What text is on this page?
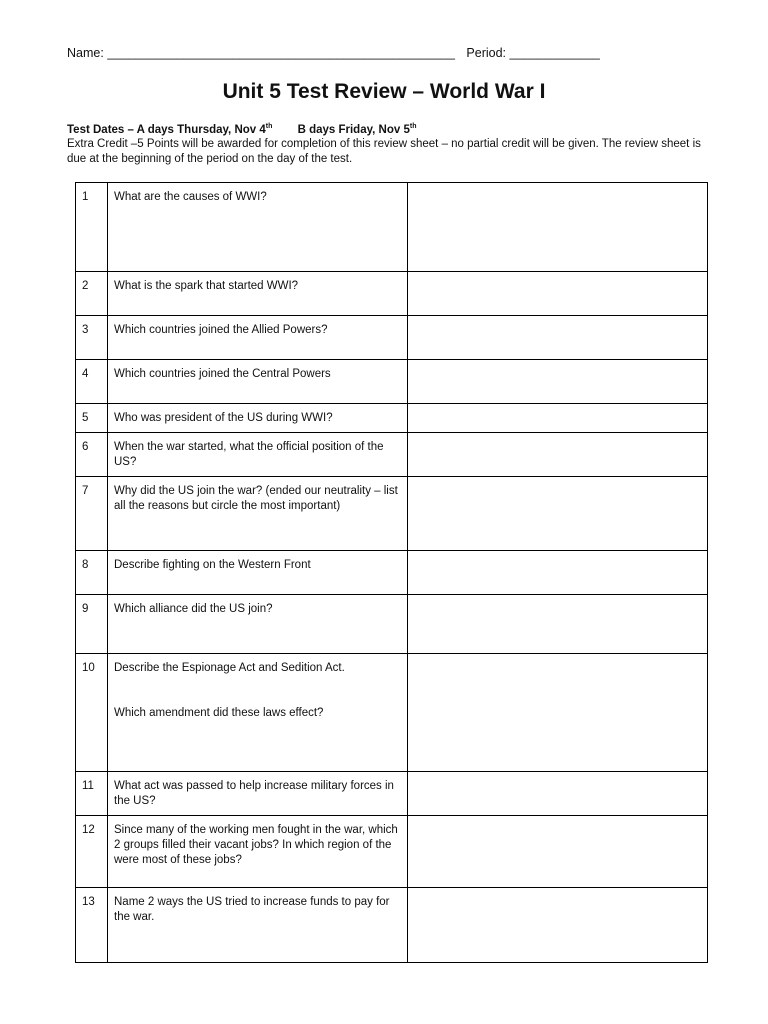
Name: __________________________________________________ Period: _____________
Unit 5 Test Review – World War I
Test Dates – A days Thursday, Nov 4th B days Friday, Nov 5th
Extra Credit –5 Points will be awarded for completion of this review sheet – no partial credit will be given. The review sheet is due at the beginning of the period on the day of the test.
1	What are the causes of WWI?	
2	What is the spark that started WWI?	
3	Which countries joined the Allied Powers?	
4	Which countries joined the Central Powers	
5	Who was president of the US during WWI?	
6	When the war started, what the official position of the US?	
7	Why did the US join the war? (ended our neutrality – list all the reasons but circle the most important)	
8	Describe fighting on the Western Front	
9	Which alliance did the US join?	
10	Describe the Espionage Act and Sedition Act.
Which amendment did these laws effect?	

11	What act was passed to help increase military forces in the US?	
12	Since many of the working men fought in the war, which 2 groups filled their vacant jobs? In which region of the were most of these jobs?	
13	Name 2 ways the US tried to increase funds to pay for the war.	
